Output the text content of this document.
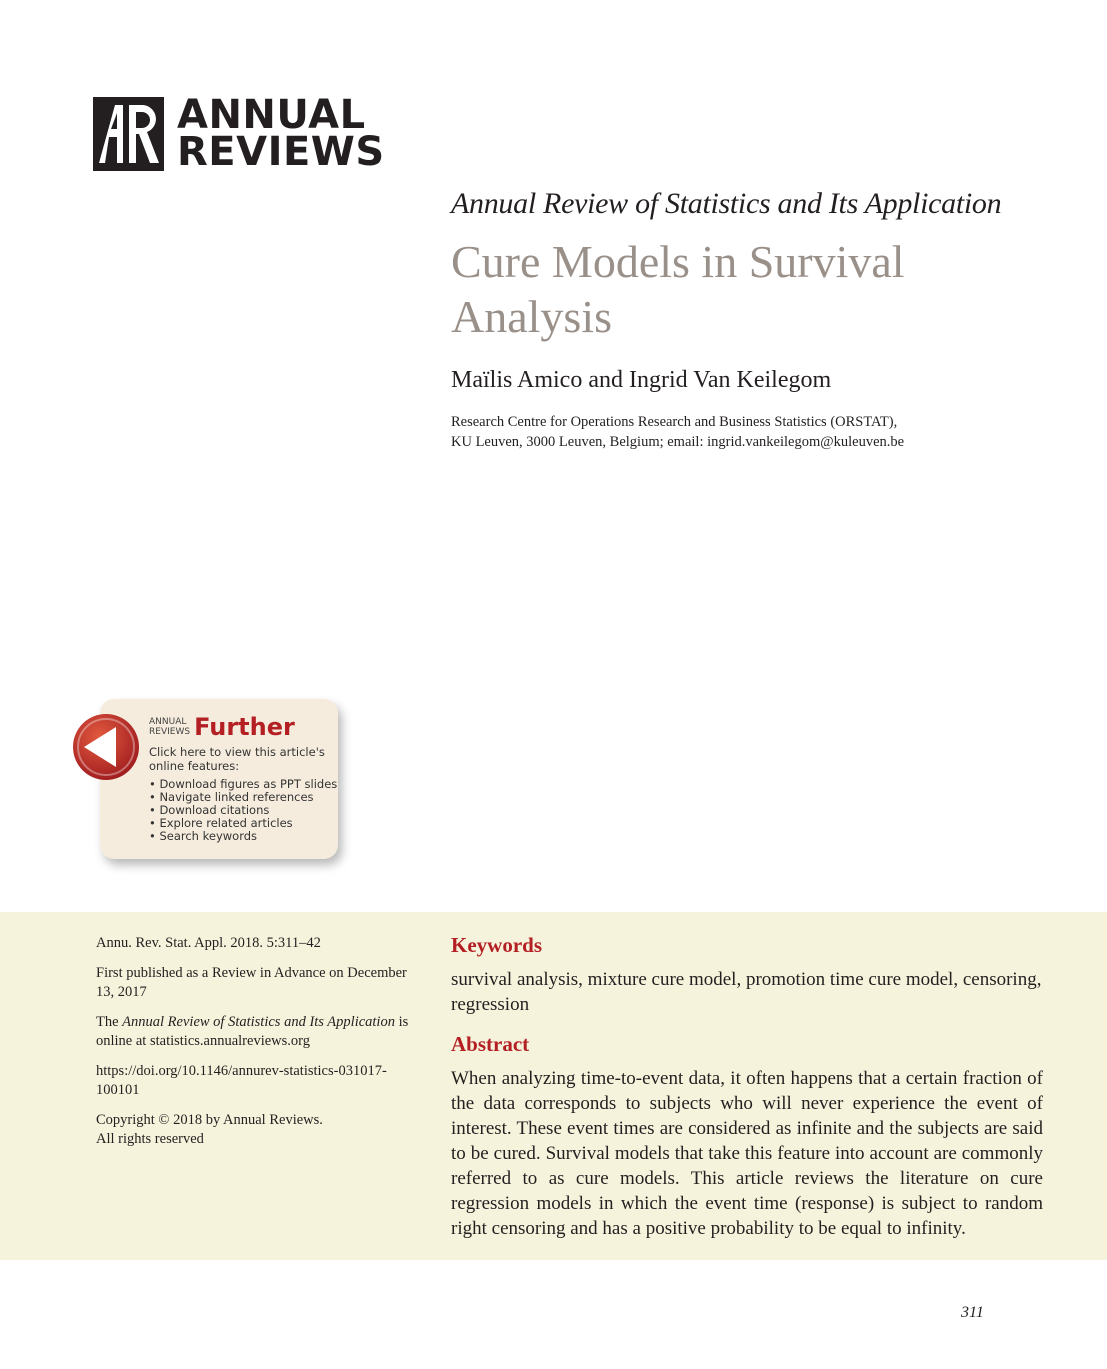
ANNUAL
REVIEWS
Annual Review of Statistics and Its Application
Cure Models in Survival Analysis
Maïlis Amico and Ingrid Van Keilegom
Research Centre for Operations Research and Business Statistics (ORSTAT),
KU Leuven, 3000 Leuven, Belgium; email: ingrid.vankeilegom@kuleuven.be
ANNUAL
REVIEWS Further
Click here to view this article's online features:
• Download figures as PPT slides
• Navigate linked references
• Download citations
• Explore related articles
• Search keywords

Annu. Rev. Stat. Appl. 2018. 5:311–42

First published as a Review in Advance on December 13, 2017

The Annual Review of Statistics and Its Application is online at statistics.annualreviews.org

https://doi.org/10.1146/annurev-statistics-031017-100101

Copyright © 2018 by Annual Reviews.
All rights reserved

Keywords
survival analysis, mixture cure model, promotion time cure model, censoring, regression
Abstract
When analyzing time-to-event data, it often happens that a certain fraction of the data corresponds to subjects who will never experience the event of interest. These event times are considered as infinite and the subjects are said to be cured. Survival models that take this feature into account are commonly referred to as cure models. This article reviews the literature on cure regression models in which the event time (response) is subject to random right censoring and has a positive probability to be equal to infinity.
311
